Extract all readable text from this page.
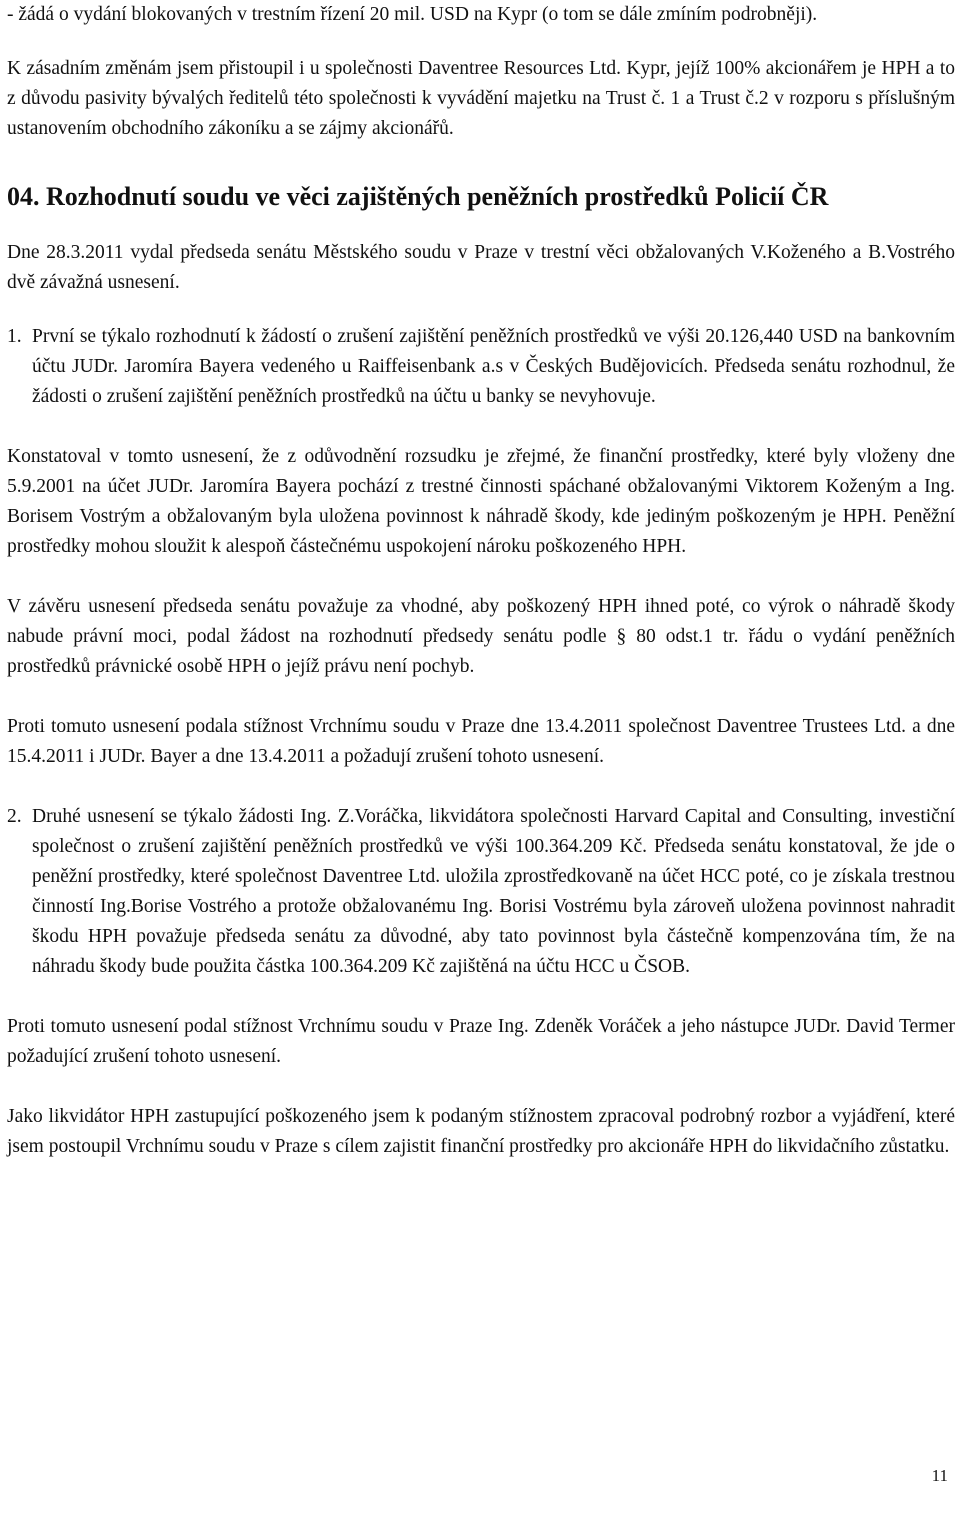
- žádá o vydání blokovaných v trestním řízení 20 mil. USD na Kypr (o tom se dále zmíním podrobněji).

K zásadním změnám jsem přistoupil i u společnosti Daventree Resources Ltd. Kypr, jejíž 100% akcionářem je HPH a to z důvodu pasivity bývalých ředitelů této společnosti k vyvádění majetku na Trust č. 1 a Trust č.2 v rozporu s příslušným ustanovením obchodního zákoníku a se zájmy akcionářů.

04. Rozhodnutí soudu ve věci zajištěných peněžních prostředků Policií ČR

Dne 28.3.2011 vydal předseda senátu Městského soudu v Praze v trestní věci obžalovaných V.Koženého a B.Vostrého dvě závažná usnesení.

1. První se týkalo rozhodnutí k žádostí o zrušení zajištění peněžních prostředků ve výši 20.126,440 USD na bankovním účtu JUDr. Jaromíra Bayera vedeného u Raiffeisenbank a.s v Českých Budějovicích. Předseda senátu rozhodnul, že žádosti o zrušení zajištění peněžních prostředků na účtu u banky se nevyhovuje.

Konstatoval v tomto usnesení, že z odůvodnění rozsudku je zřejmé, že finanční prostředky, které byly vloženy dne 5.9.2001 na účet JUDr. Jaromíra Bayera pochází z trestné činnosti spáchané obžalovanými Viktorem Koženým a Ing. Borisem Vostrým a obžalovaným byla uložena povinnost k náhradě škody, kde jediným poškozeným je HPH. Peněžní prostředky mohou sloužit k alespoň částečnému uspokojení nároku poškozeného HPH.

V závěru usnesení předseda senátu považuje za vhodné, aby poškozený HPH ihned poté, co výrok o náhradě škody nabude právní moci, podal žádost na rozhodnutí předsedy senátu podle § 80 odst.1 tr. řádu o vydání peněžních prostředků právnické osobě HPH o jejíž právu není pochyb.

Proti tomuto usnesení podala stížnost Vrchnímu soudu v Praze dne 13.4.2011 společnost Daventree Trustees Ltd. a dne 15.4.2011 i JUDr. Bayer a dne 13.4.2011 a požadují zrušení tohoto usnesení.

2. Druhé usnesení se týkalo žádosti Ing. Z.Voráčka, likvidátora společnosti Harvard Capital and Consulting, investiční společnost o zrušení zajištění peněžních prostředků ve výši 100.364.209 Kč. Předseda senátu konstatoval, že jde o peněžní prostředky, které společnost Daventree Ltd. uložila zprostředkovaně na účet HCC poté, co je získala trestnou činností Ing.Borise Vostrého a protože obžalovanému Ing. Borisi Vostrému byla zároveň uložena povinnost nahradit škodu HPH považuje předseda senátu za důvodné, aby tato povinnost byla částečně kompenzována tím, že na náhradu škody bude použita částka 100.364.209 Kč zajištěná na účtu HCC u ČSOB.

Proti tomuto usnesení podal stížnost Vrchnímu soudu v Praze Ing. Zdeněk Voráček a jeho nástupce JUDr. David Termer požadující zrušení tohoto usnesení.

Jako likvidátor HPH zastupující poškozeného jsem k podaným stížnostem zpracoval podrobný rozbor a vyjádření, které jsem postoupil Vrchnímu soudu v Praze s cílem zajistit finanční prostředky pro akcionáře HPH do likvidačního zůstatku.

11
